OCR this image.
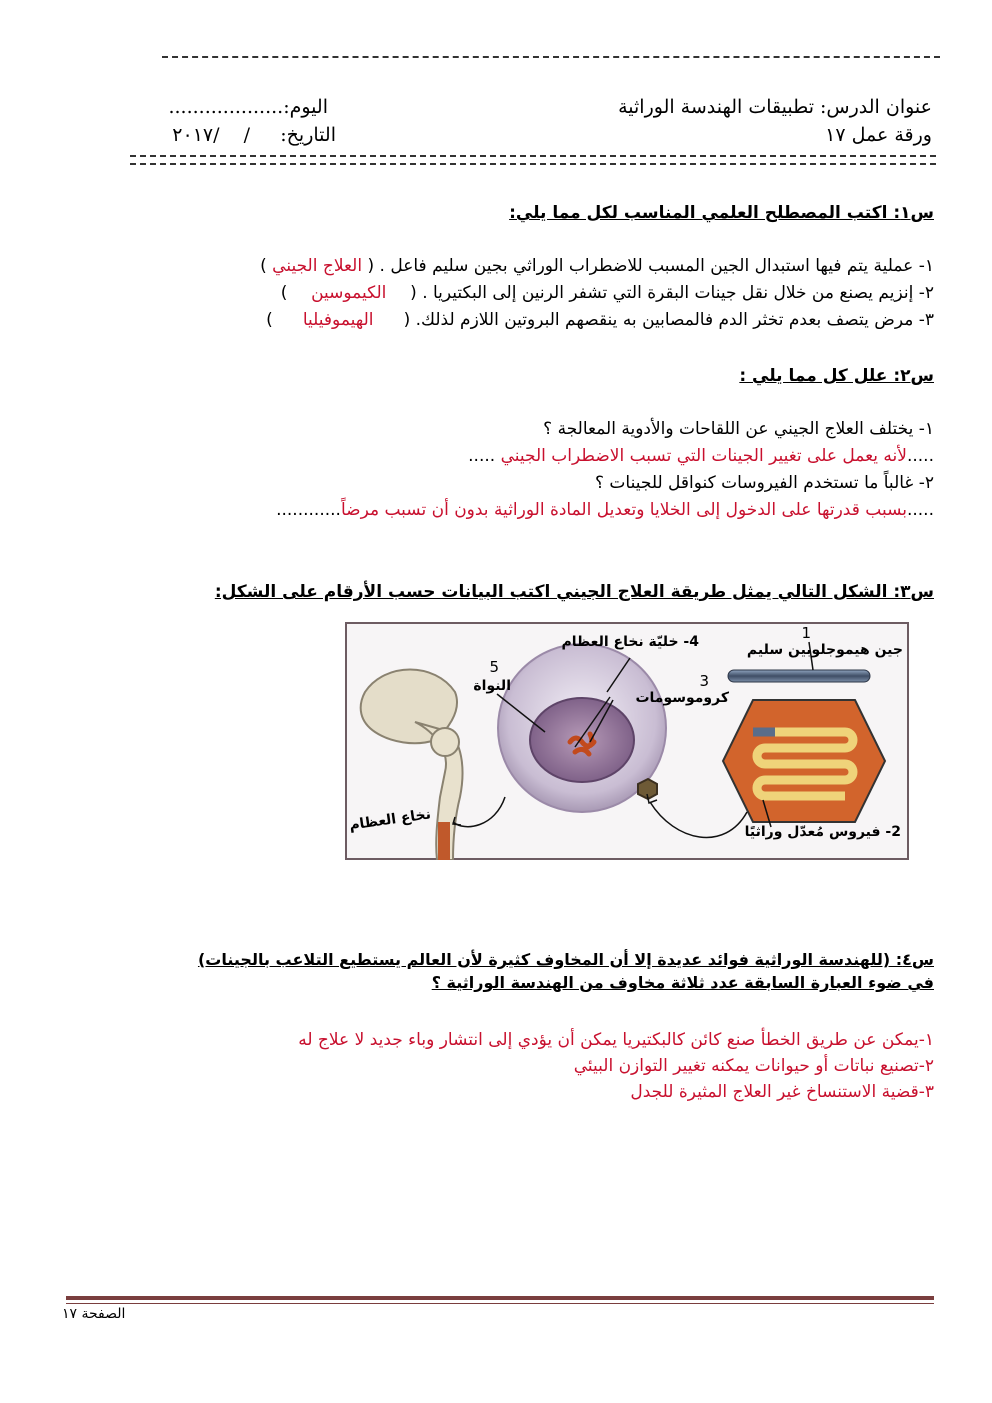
عنوان الدرس: تطبيقات الهندسة الوراثية
اليوم:...................
ورقة عمل ١٧
التاريخ:     /    /٢٠١٧
س١: اكتب المصطلح العلمي المناسب لكل مما يلي:
١- عملية يتم فيها استبدال الجين المسبب للاضطراب الوراثي بجين سليم فاعل . ( العلاج الجيني )
٢- إنزيم يصنع من خلال نقل جينات البقرة التي تشفر الرنين إلى البكتيريا . ( الكيموسين )
٣- مرض يتصف بعدم تخثر الدم فالمصابين به ينقصهم البروتين اللازم لذلك. ( الهيموفيليا )
س٢: علل كل مما يلي :
١- يختلف العلاج الجيني عن اللقاحات والأدوية المعالجة ؟
.....لأنه يعمل على تغيير الجينات التي تسبب الاضطراب الجيني .....
٢- غالباً ما تستخدم الفيروسات كنواقل للجينات ؟
.....بسبب قدرتها على الدخول إلى الخلايا وتعديل المادة الوراثية بدون أن تسبب مرضاً............
س٣: الشكل التالي يمثل طريقة العلاج الجيني اكتب البيانات حسب الأرقام على الشكل:
1
جين هيموجلوبين سليم
2- فيروس مُعدّل وراثيًا
3
كروموسومات
4- خليّة نخاع العظام
5
النواة
نخاع العظام
س٤: (للهندسة الوراثية فوائد عديدة إلا أن المخاوف كثيرة لأن العالم يستطيع التلاعب بالجينات)
في ضوء العبارة السابقة عدد ثلاثة مخاوف من الهندسة الوراثية ؟
١-يمكن عن طريق الخطأ صنع كائن كالبكتيريا يمكن أن يؤدي إلى انتشار وباء جديد لا علاج له
٢-تصنيع نباتات أو حيوانات يمكنه تغيير التوازن البيئي
٣-قضية الاستنساخ غير العلاج المثيرة للجدل
الصفحة ١٧
